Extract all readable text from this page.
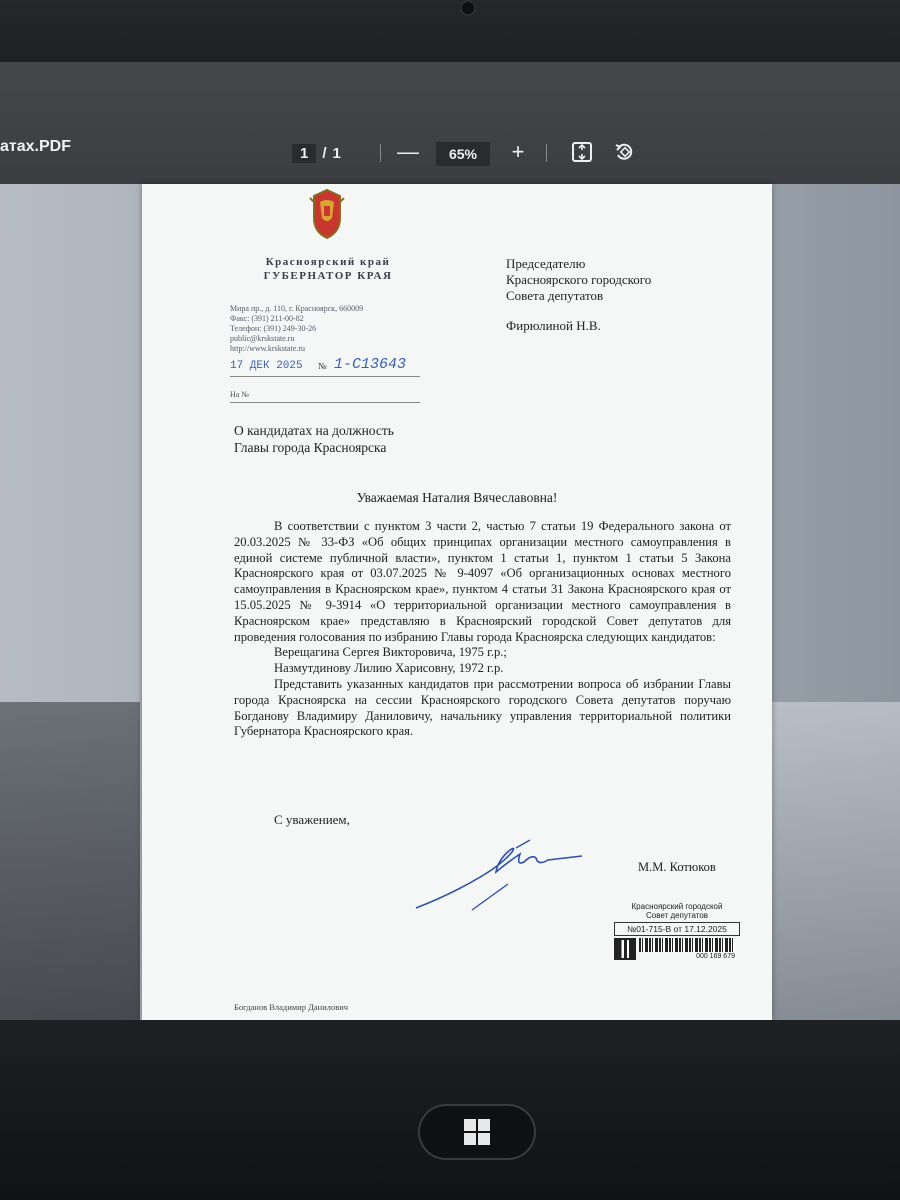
атах.PDF	1 / 1	—	65%	+
Красноярский край
ГУБЕРНАТОР КРАЯ
Мира пр., д. 110, г. Красноярск, 660009
Факс: (391) 211-00-82
Телефон: (391) 249-30-26
public@krskstate.ru
http://www.krskstate.ru
17 ДЕК 2025 № 1-С13643
На №
Председателю
Красноярского городского
Совета депутатов
Фирюлиной Н.В.
О кандидатах на должность
Главы города Красноярска
Уважаемая Наталия Вячеславовна!

В соответствии с пунктом 3 части 2, частью 7 статьи 19 Федерального закона от 20.03.2025 № 33-ФЗ «Об общих принципах организации местного самоуправления в единой системе публичной власти», пунктом 1 статьи 1, пунктом 1 статьи 5 Закона Красноярского края от 03.07.2025 № 9-4097 «Об организационных основах местного самоуправления в Красноярском крае», пунктом 4 статьи 31 Закона Красноярского края от 15.05.2025 № 9-3914 «О территориальной организации местного самоуправления в Красноярском крае» представляю в Красноярский городской Совет депутатов для проведения голосования по избранию Главы города Красноярска следующих кандидатов:

Верещагина Сергея Викторовича, 1975 г.р.;
Назмутдинову Лилию Харисовну, 1972 г.р.

Представить указанных кандидатов при рассмотрении вопроса об избрании Главы города Красноярска на сессии Красноярского городского Совета депутатов поручаю Богданову Владимиру Даниловичу, начальнику управления территориальной политики Губернатора Красноярского края.

С уважением,
М.М. Котюков
Красноярский городской
Совет депутатов
№01-715-В от 17.12.2025
000 169 679
Богданов Владимир Данилович
